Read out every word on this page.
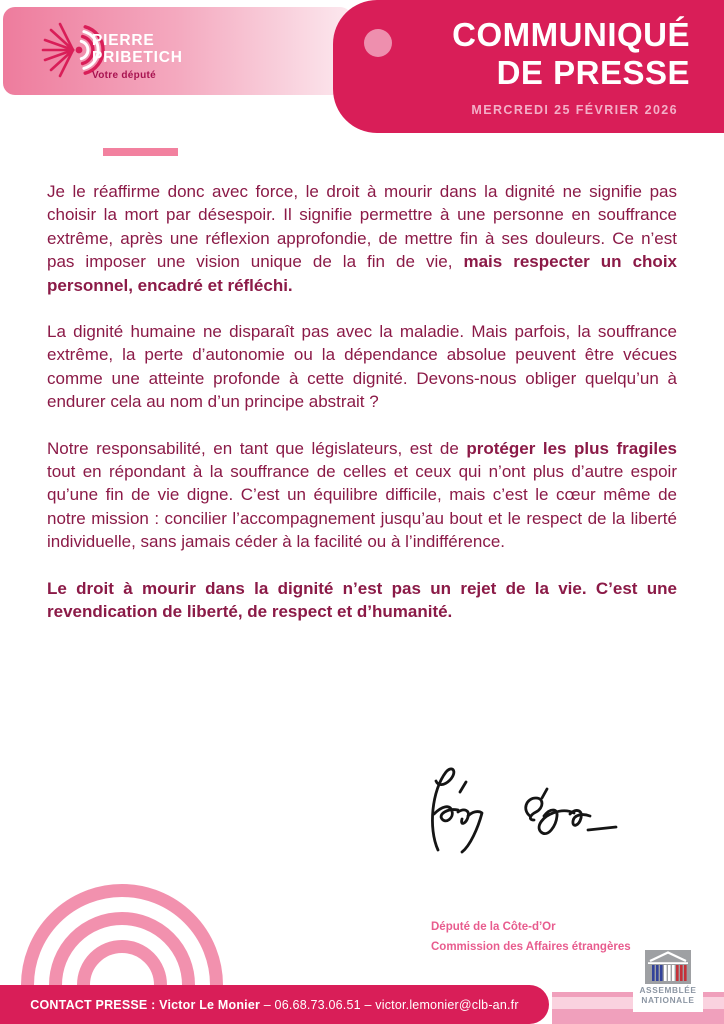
PIERRE
PRIBETICH
Votre député
COMMUNIQUÉ
DE PRESSE
MERCREDI 25 FÉVRIER 2026

Je le réaffirme donc avec force, le droit à mourir dans la dignité ne signifie pas choisir la mort par désespoir. Il signifie permettre à une personne en souffrance extrême, après une réflexion approfondie, de mettre fin à ses douleurs. Ce n’est pas imposer une vision unique de la fin de vie, mais respecter un choix personnel, encadré et réfléchi.

La dignité humaine ne disparaît pas avec la maladie. Mais parfois, la souffrance extrême, la perte d’autonomie ou la dépendance absolue peuvent être vécues comme une atteinte profonde à cette dignité. Devons-nous obliger quelqu’un à endurer cela au nom d’un principe abstrait ?

Notre responsabilité, en tant que législateurs, est de protéger les plus fragiles tout en répondant à la souffrance de celles et ceux qui n’ont plus d’autre espoir qu’une fin de vie digne. C’est un équilibre difficile, mais c’est le cœur même de notre mission : concilier l’accompagnement jusqu’au bout et le respect de la liberté individuelle, sans jamais céder à la facilité ou à l’indifférence.

Le droit à mourir dans la dignité n’est pas un rejet de la vie. C’est une revendication de liberté, de respect et d’humanité.

Député de la Côte-d’Or
Commission des Affaires étrangères
CONTACT PRESSE : Victor Le Monier – 06.68.73.06.51 – victor.lemonier@clb-an.fr
ASSEMBLÉE
NATIONALE
